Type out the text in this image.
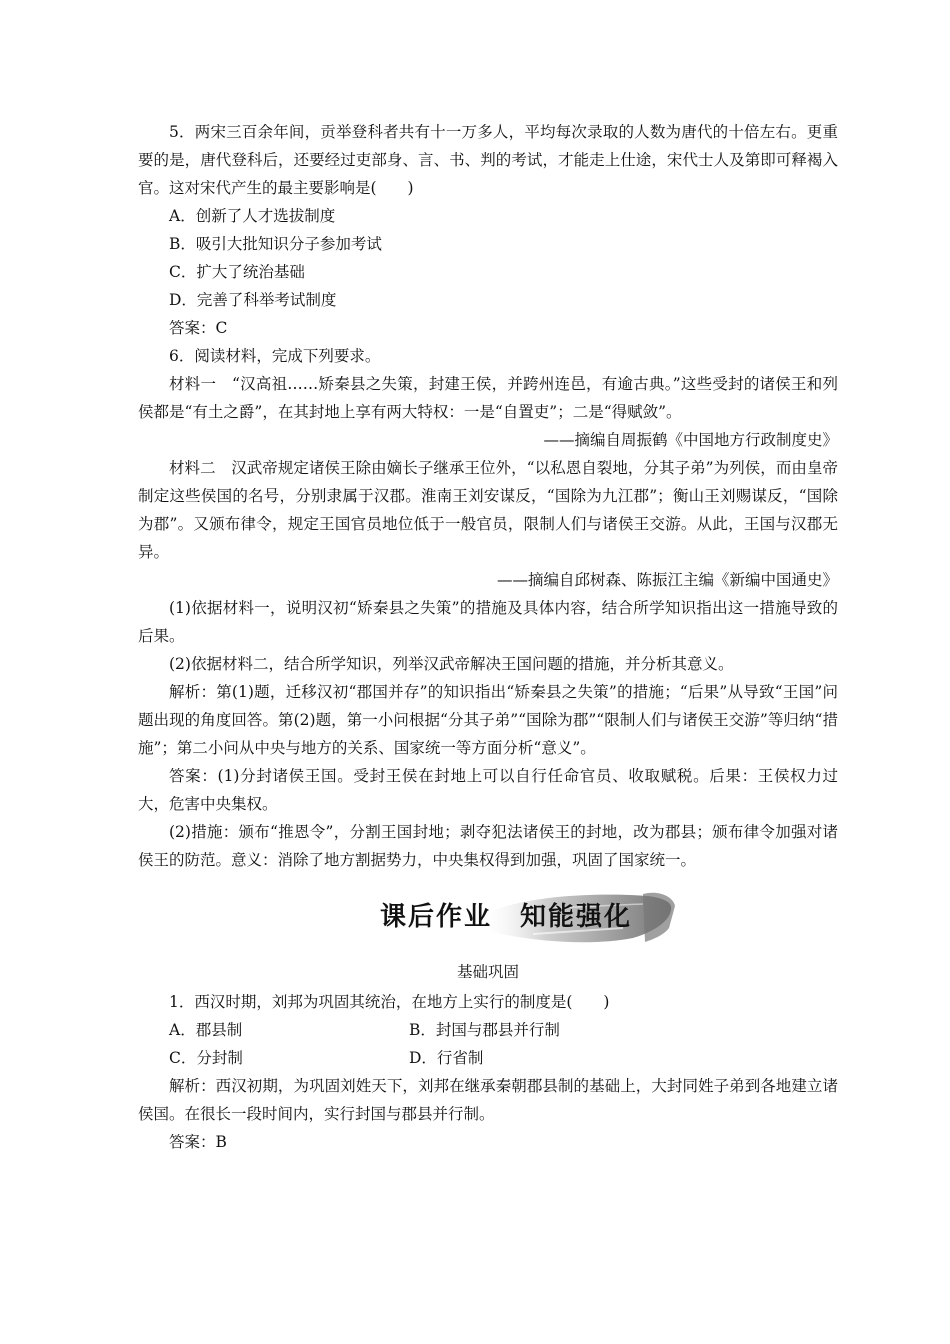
5．两宋三百余年间，贡举登科者共有十一万多人，平均每次录取的人数为唐代的十倍左右。更重要的是，唐代登科后，还要经过吏部身、言、书、判的考试，才能走上仕途，宋代士人及第即可释褐入官。这对宋代产生的最主要影响是(　　)

A．创新了人才选拔制度

B．吸引大批知识分子参加考试

C．扩大了统治基础

D．完善了科举考试制度

答案：C

6．阅读材料，完成下列要求。

材料一　“汉高祖……矫秦县之失策，封建王侯，并跨州连邑，有逾古典。”这些受封的诸侯王和列侯都是“有土之爵”，在其封地上享有两大特权：一是“自置吏”；二是“得赋敛”。

——摘编自周振鹤《中国地方行政制度史》

材料二　汉武帝规定诸侯王除由嫡长子继承王位外，“以私恩自裂地，分其子弟”为列侯，而由皇帝制定这些侯国的名号，分别隶属于汉郡。淮南王刘安谋反，“国除为九江郡”；衡山王刘赐谋反，“国除为郡”。又颁布律令，规定王国官员地位低于一般官员，限制人们与诸侯王交游。从此，王国与汉郡无异。

——摘编自邱树森、陈振江主编《新编中国通史》

(1)依据材料一，说明汉初“矫秦县之失策”的措施及具体内容，结合所学知识指出这一措施导致的后果。

(2)依据材料二，结合所学知识，列举汉武帝解决王国问题的措施，并分析其意义。

解析：第(1)题，迁移汉初“郡国并存”的知识指出“矫秦县之失策”的措施；“后果”从导致“王国”问题出现的角度回答。第(2)题，第一小问根据“分其子弟”“国除为郡”“限制人们与诸侯王交游”等归纳“措施”；第二小问从中央与地方的关系、国家统一等方面分析“意义”。

答案：(1)分封诸侯王国。受封王侯在封地上可以自行任命官员、收取赋税。后果：王侯权力过大，危害中央集权。

(2)措施：颁布“推恩令”，分割王国封地；剥夺犯法诸侯王的封地，改为郡县；颁布律令加强对诸侯王的防范。意义：消除了地方割据势力，中央集权得到加强，巩固了国家统一。

课后作业　知能强化

基础巩固

1．西汉时期，刘邦为巩固其统治，在地方上实行的制度是(　　)

A．郡县制	B．封国与郡县并行制
C．分封制	D．行省制

解析：西汉初期，为巩固刘姓天下，刘邦在继承秦朝郡县制的基础上，大封同姓子弟到各地建立诸侯国。在很长一段时间内，实行封国与郡县并行制。

答案：B
